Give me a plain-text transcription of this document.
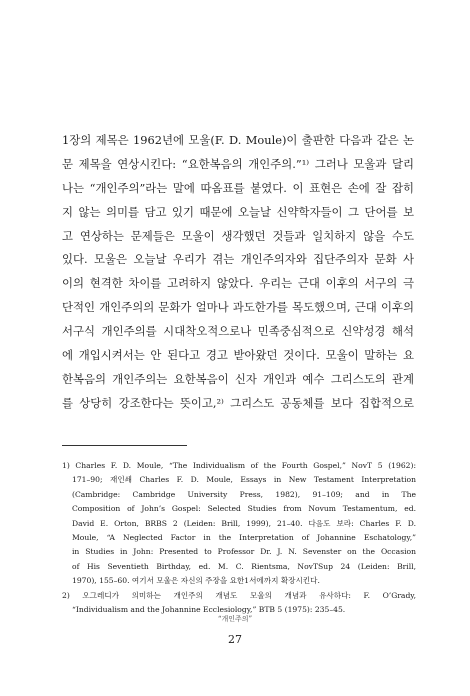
1장의 제목은 1962년에 모울(F. D. Moule)이 출판한 다음과 같은 논
문 제목을 연상시킨다: “요한복음의 개인주의.”¹⁾ 그러나 모울과 달리
나는 “개인주의”라는 말에 따옴표를 붙였다. 이 표현은 손에 잘 잡히
지 않는 의미를 담고 있기 때문에 오늘날 신약학자들이 그 단어를 보
고 연상하는 문제들은 모울이 생각했던 것들과 일치하지 않을 수도
있다. 모울은 오늘날 우리가 겪는 개인주의자와 집단주의자 문화 사
이의 현격한 차이를 고려하지 않았다. 우리는 근대 이후의 서구의 극
단적인 개인주의의 문화가 얼마나 과도한가를 목도했으며, 근대 이후의
서구식 개인주의를 시대착오적으로나 민족중심적으로 신약성경 해석
에 개입시켜서는 안 된다고 경고 받아왔던 것이다. 모울이 말하는 요
한복음의 개인주의는 요한복음이 신자 개인과 예수 그리스도의 관계
를 상당히 강조한다는 뜻이고,²⁾ 그리스도 공동체를 보다 집합적으로
1) Charles F. D. Moule, “The Individualism of the Fourth Gospel,” NovT 5 (1962):
171–90; 재인쇄 Charles F. D. Moule, Essays in New Testament Interpretation
(Cambridge: Cambridge University Press, 1982), 91–109; and in The
Composition of John’s Gospel: Selected Studies from Novum Testamentum, ed.
David E. Orton, BRBS 2 (Leiden: Brill, 1999), 21–40. 다음도 보라: Charles F. D.
Moule, “A Neglected Factor in the Interpretation of Johannine Eschatology,”
in Studies in John: Presented to Professor Dr. J. N. Sevenster on the Occasion
of His Seventieth Birthday, ed. M. C. Rientsma, NovTSup 24 (Leiden: Brill,
1970), 155–60. 여기서 모울은 자신의 주장을 요한1서에까지 확장시킨다.
2) 오그레디가 의미하는 개인주의 개념도 모울의 개념과 유사하다: F. O’Grady,
“Individualism and the Johannine Ecclesiology,” BTB 5 (1975): 235–45.
“개인주의”
27
